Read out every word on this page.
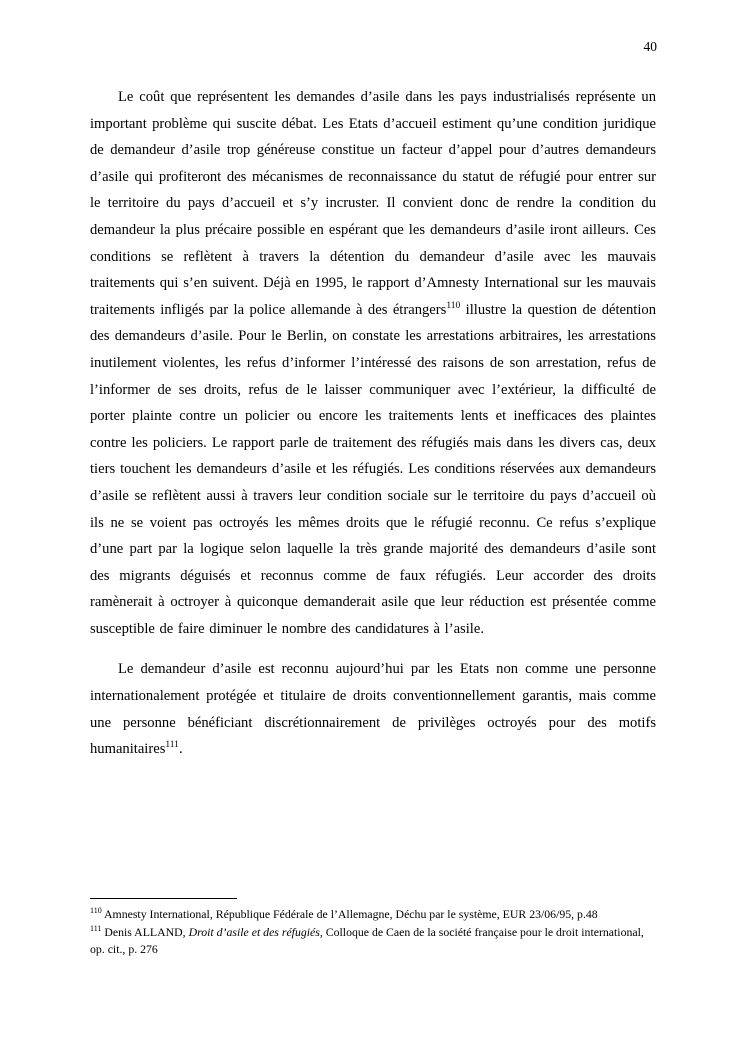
40

Le coût que représentent les demandes d’asile dans les pays industrialisés représente un important problème qui suscite débat. Les Etats d’accueil estiment qu’une condition juridique de demandeur d’asile trop généreuse constitue un facteur d’appel pour d’autres demandeurs d’asile qui profiteront des mécanismes de reconnaissance du statut de réfugié pour entrer sur le territoire du pays d’accueil et s’y incruster. Il convient donc de rendre la condition du demandeur la plus précaire possible en espérant que les demandeurs d’asile iront ailleurs. Ces conditions se reflètent à travers la détention du demandeur d’asile avec les mauvais traitements qui s’en suivent. Déjà en 1995, le rapport d’Amnesty International sur les mauvais traitements infligés par la police allemande à des étrangers$^{110}$ illustre la question de détention des demandeurs d’asile. Pour le Berlin, on constate les arrestations arbitraires, les arrestations inutilement violentes, les refus d’informer l’intéressé des raisons de son arrestation, refus de l’informer de ses droits, refus de le laisser communiquer avec l’extérieur, la difficulté de porter plainte contre un policier ou encore les traitements lents et inefficaces des plaintes contre les policiers. Le rapport parle de traitement des réfugiés mais dans les divers cas, deux tiers touchent les demandeurs d’asile et les réfugiés. Les conditions réservées aux demandeurs d’asile se reflètent aussi à travers leur condition sociale sur le territoire du pays d’accueil où ils ne se voient pas octroyés les mêmes droits que le réfugié reconnu. Ce refus s’explique d’une part par la logique selon laquelle la très grande majorité des demandeurs d’asile sont des migrants déguisés et reconnus comme de faux réfugiés. Leur accorder des droits ramènerait à octroyer à quiconque demanderait asile que leur réduction est présentée comme susceptible de faire diminuer le nombre des candidatures à l’asile.

Le demandeur d’asile est reconnu aujourd’hui par les Etats non comme une personne internationalement protégée et titulaire de droits conventionnellement garantis, mais comme une personne bénéficiant discrétionnairement de privilèges octroyés pour des motifs humanitaires$^{111}$.

$^{110}$ Amnesty International, République Fédérale de l’Allemagne, Déchu par le système, EUR 23/06/95, p.48

$^{111}$ Denis ALLAND, Droit d’asile et des réfugiés, Colloque de Caen de la société française pour le droit international, op. cit., p. 276
